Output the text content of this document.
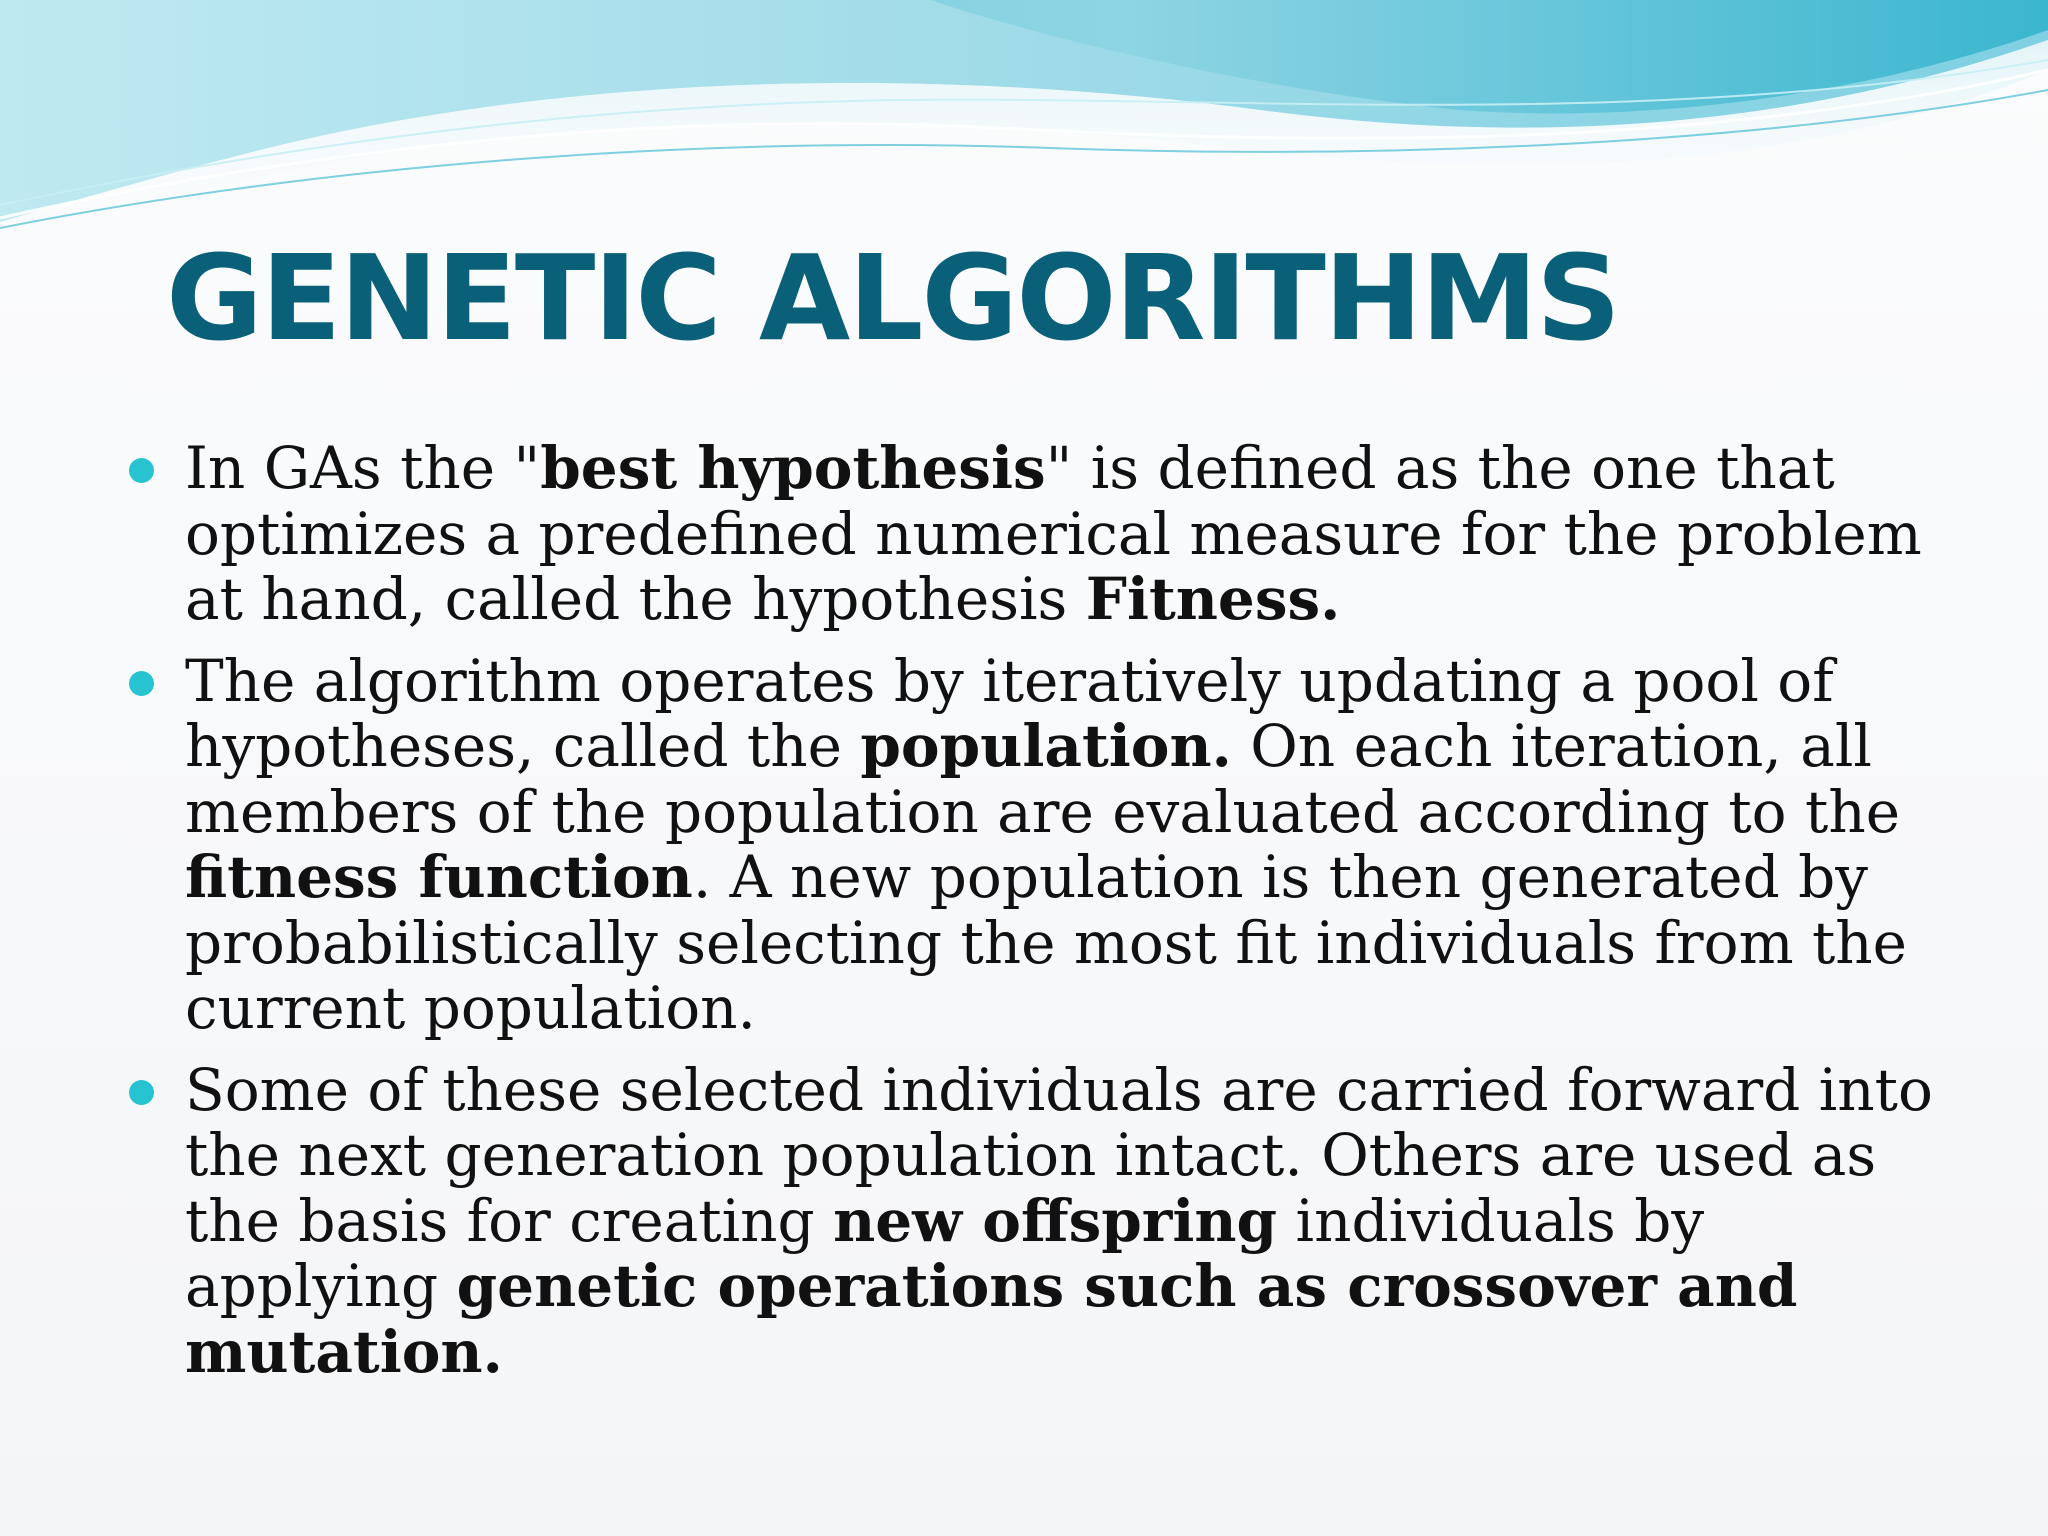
GENETIC ALGORITHMS
In GAs the "best hypothesis" is defined as the one that optimizes a predefined numerical measure for the problem at hand, called the hypothesis Fitness.
The algorithm operates by iteratively updating a pool of hypotheses, called the population. On each iteration, all members of the population are evaluated according to the fitness function. A new population is then generated by probabilistically selecting the most fit individuals from the current population.
Some of these selected individuals are carried forward into the next generation population intact. Others are used as the basis for creating new offspring individuals by applying genetic operations such as crossover and mutation.
